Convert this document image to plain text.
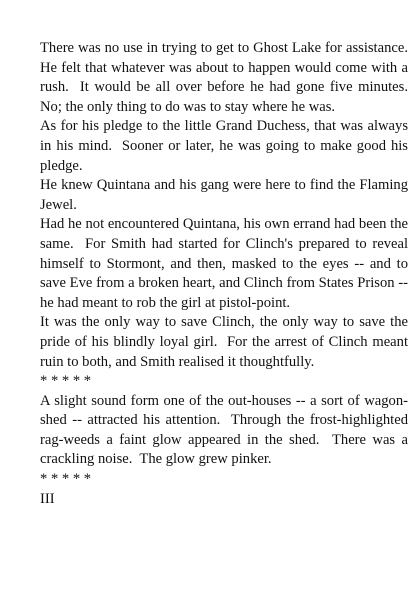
There was no use in trying to get to Ghost Lake for assistance.  He felt that whatever was about to happen would come with a rush.  It would be all over before he had gone five minutes.  No; the only thing to do was to stay where he was.

As for his pledge to the little Grand Duchess, that was always in his mind.  Sooner or later, he was going to make good his pledge.

He knew Quintana and his gang were here to find the Flaming Jewel.

Had he not encountered Quintana, his own errand had been the same.  For Smith had started for Clinch's prepared to reveal himself to Stormont, and then, masked to the eyes -- and to save Eve from a broken heart, and Clinch from States Prison -- he had meant to rob the girl at pistol-point.

It was the only way to save Clinch, the only way to save the pride of his blindly loyal girl.  For the arrest of Clinch meant ruin to both, and Smith realised it thoughtfully.

* * * * *

A slight sound form one of the out-houses -- a sort of wagon-shed -- attracted his attention.  Through the frost-highlighted rag-weeds a faint glow appeared in the shed.  There was a crackling noise.  The glow grew pinker.

* * * * *

III
